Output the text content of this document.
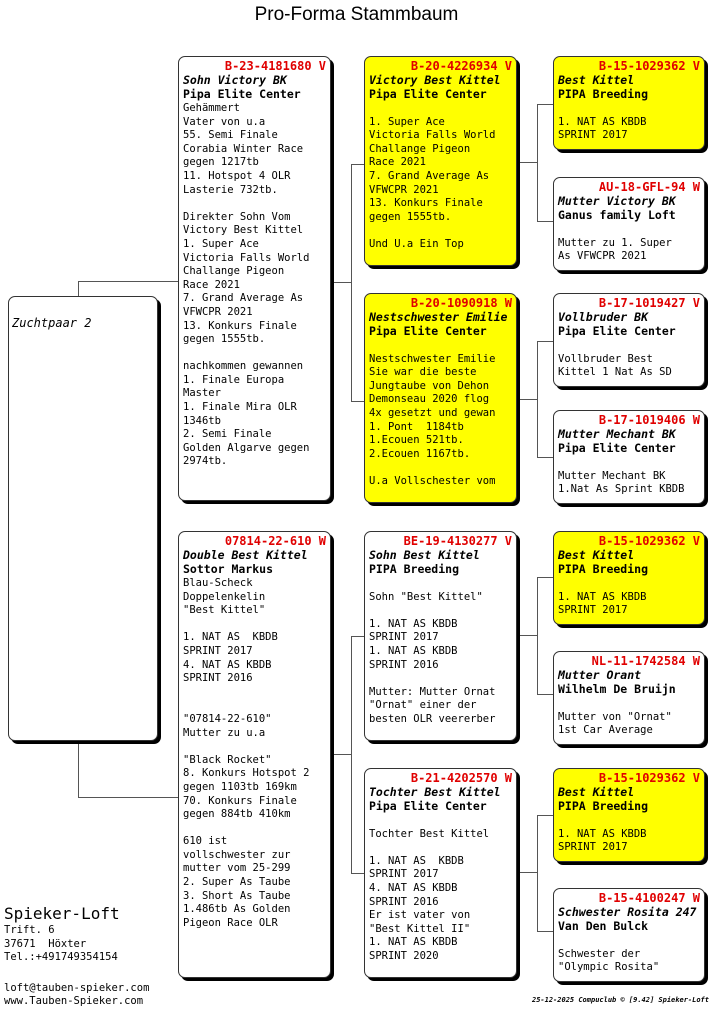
Pro-Forma Stammbaum
Zuchtpaar 2
B-23-4181680 V
Sohn Victory BK
Pipa Elite Center
Gehämmert
Vater von u.a
55. Semi Finale
Corabia Winter Race
gegen 1217tb
11. Hotspot 4 OLR
Lasterie 732tb.

Direkter Sohn Vom
Victory Best Kittel
1. Super Ace
Victoria Falls World
Challange Pigeon
Race 2021
7. Grand Average As
VFWCPR 2021
13. Konkurs Finale
gegen 1555tb.

nachkommen gewannen
1. Finale Europa
Master
1. Finale Mira OLR
1346tb
2. Semi Finale
Golden Algarve gegen
2974tb.
07814-22-610 W
Double Best Kittel
Sottor Markus
Blau-Scheck
Doppelenkelin
"Best Kittel"

1. NAT AS  KBDB
SPRINT 2017
4. NAT AS KBDB
SPRINT 2016

"07814-22-610"
Mutter zu u.a

"Black Rocket"
8. Konkurs Hotspot 2
gegen 1103tb 169km
70. Konkurs Finale
gegen 884tb 410km

610 ist
vollschwester zur
mutter vom 25-299
2. Super As Taube
3. Short As Taube
1.486tb As Golden
Pigeon Race OLR
B-20-4226934 V
Victory Best Kittel
Pipa Elite Center

1. Super Ace
Victoria Falls World
Challange Pigeon
Race 2021
7. Grand Average As
VFWCPR 2021
13. Konkurs Finale
gegen 1555tb.

Und U.a Ein Top
B-20-1090918 W
Nestschwester Emilie
Pipa Elite Center

Nestschwester Emilie
Sie war die beste
Jungtaube von Dehon
Demonseau 2020 flog
4x gesetzt und gewan
1. Pont  1184tb
1.Ecouen 521tb.
2.Ecouen 1167tb.

U.a Vollschester vom
BE-19-4130277 V
Sohn Best Kittel
PIPA Breeding

Sohn "Best Kittel"

1. NAT AS KBDB
SPRINT 2017
1. NAT AS KBDB
SPRINT 2016

Mutter: Mutter Ornat
"Ornat" einer der
besten OLR veererber
B-21-4202570 W
Tochter Best Kittel
Pipa Elite Center

Tochter Best Kittel

1. NAT AS  KBDB
SPRINT 2017
4. NAT AS KBDB
SPRINT 2016
Er ist vater von
"Best Kittel II"
1. NAT AS KBDB
SPRINT 2020
B-15-1029362 V
Best Kittel
PIPA Breeding

1. NAT AS KBDB
SPRINT 2017
AU-18-GFL-94 W
Mutter Victory BK
Ganus family Loft

Mutter zu 1. Super
As VFWCPR 2021
B-17-1019427 V
Vollbruder BK
Pipa Elite Center

Vollbruder Best
Kittel 1 Nat As SD
B-17-1019406 W
Mutter Mechant BK
Pipa Elite Center

Mutter Mechant BK
1.Nat As Sprint KBDB
B-15-1029362 V
Best Kittel
PIPA Breeding

1. NAT AS KBDB
SPRINT 2017
NL-11-1742584 W
Mutter Orant
Wilhelm De Bruijn

Mutter von "Ornat"
1st Car Average
B-15-1029362 V
Best Kittel
PIPA Breeding

1. NAT AS KBDB
SPRINT 2017
B-15-4100247 W
Schwester Rosita 247
Van Den Bulck

Schwester der
"Olympic Rosita"
Spieker-Loft
Trift. 6
37671  Höxter
Tel.:+491749354154
loft@tauben-spieker.com
www.Tauben-Spieker.com	25-12-2025 Compuclub © [9.42] Spieker-Loft
